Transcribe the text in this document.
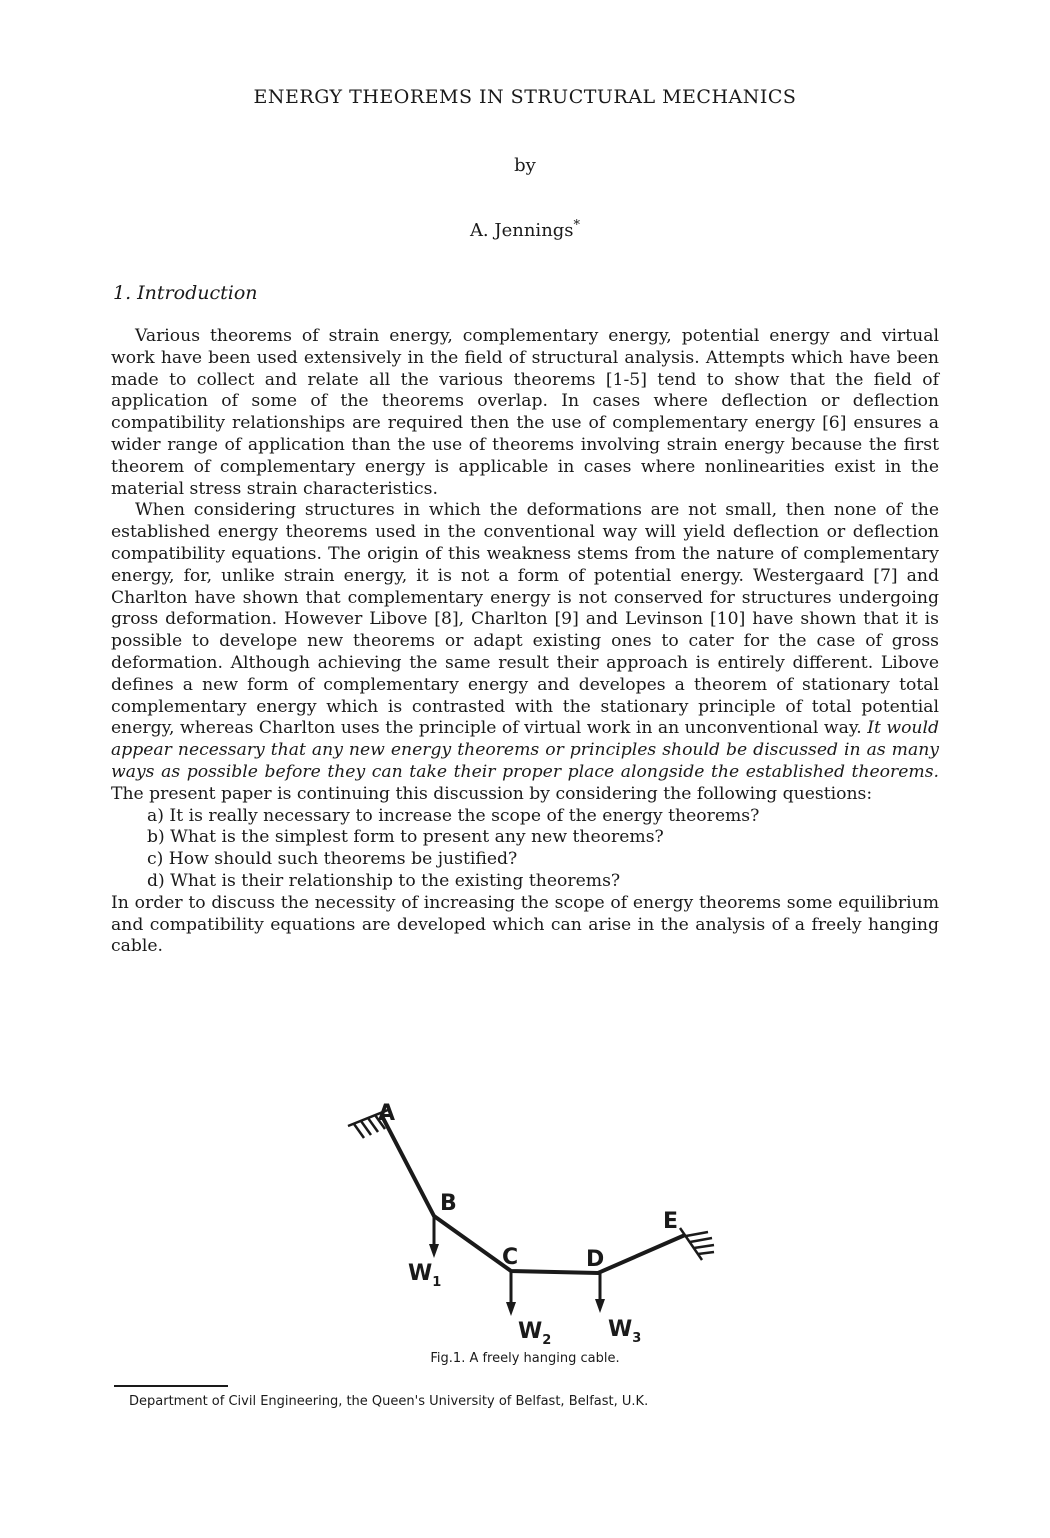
ENERGY THEOREMS IN STRUCTURAL MECHANICS
by
A. Jennings*
1. Introduction

Various theorems of strain energy, complementary energy, potential energy and virtual work have been used extensively in the field of structural analysis. Attempts which have been made to collect and relate all the various theorems [1-5] tend to show that the field of application of some of the theorems overlap. In cases where deflection or deflection compatibility relationships are required then the use of complementary energy [6] ensures a wider range of application than the use of theorems involving strain energy because the first theorem of complementary energy is applicable in cases where nonlinearities exist in the material stress strain characteristics.

When considering structures in which the deformations are not small, then none of the established energy theorems used in the conventional way will yield deflection or deflection compatibility equations. The origin of this weakness stems from the nature of complementary energy, for, unlike strain energy, it is not a form of potential energy. Westergaard [7] and Charlton have shown that complementary energy is not conserved for structures undergoing gross deformation. However Libove [8], Charlton [9] and Levinson [10] have shown that it is possible to develope new theorems or adapt existing ones to cater for the case of gross deformation. Although achieving the same result their approach is entirely different. Libove defines a new form of complementary energy and developes a theorem of stationary total complementary energy which is contrasted with the stationary principle of total potential energy, whereas Charlton uses the principle of virtual work in an unconventional way. It would appear necessary that any new energy theorems or principles should be discussed in as many ways as possible before they can take their proper place alongside the established theorems. The present paper is continuing this discussion by considering the following questions:

a) It is really necessary to increase the scope of the energy theorems?
b) What is the simplest form to present any new theorems?
c) How should such theorems be justified?
d) What is their relationship to the existing theorems?

In order to discuss the necessity of increasing the scope of energy theorems some equilibrium and compatibility equations are developed which can arise in the analysis of a freely hanging cable.

A
B
C	D
E
$W_1$
$W_2$	$W_3$
Fig.1. A freely hanging cable.
Department of Civil Engineering, the Queen's University of Belfast, Belfast, U.K.
